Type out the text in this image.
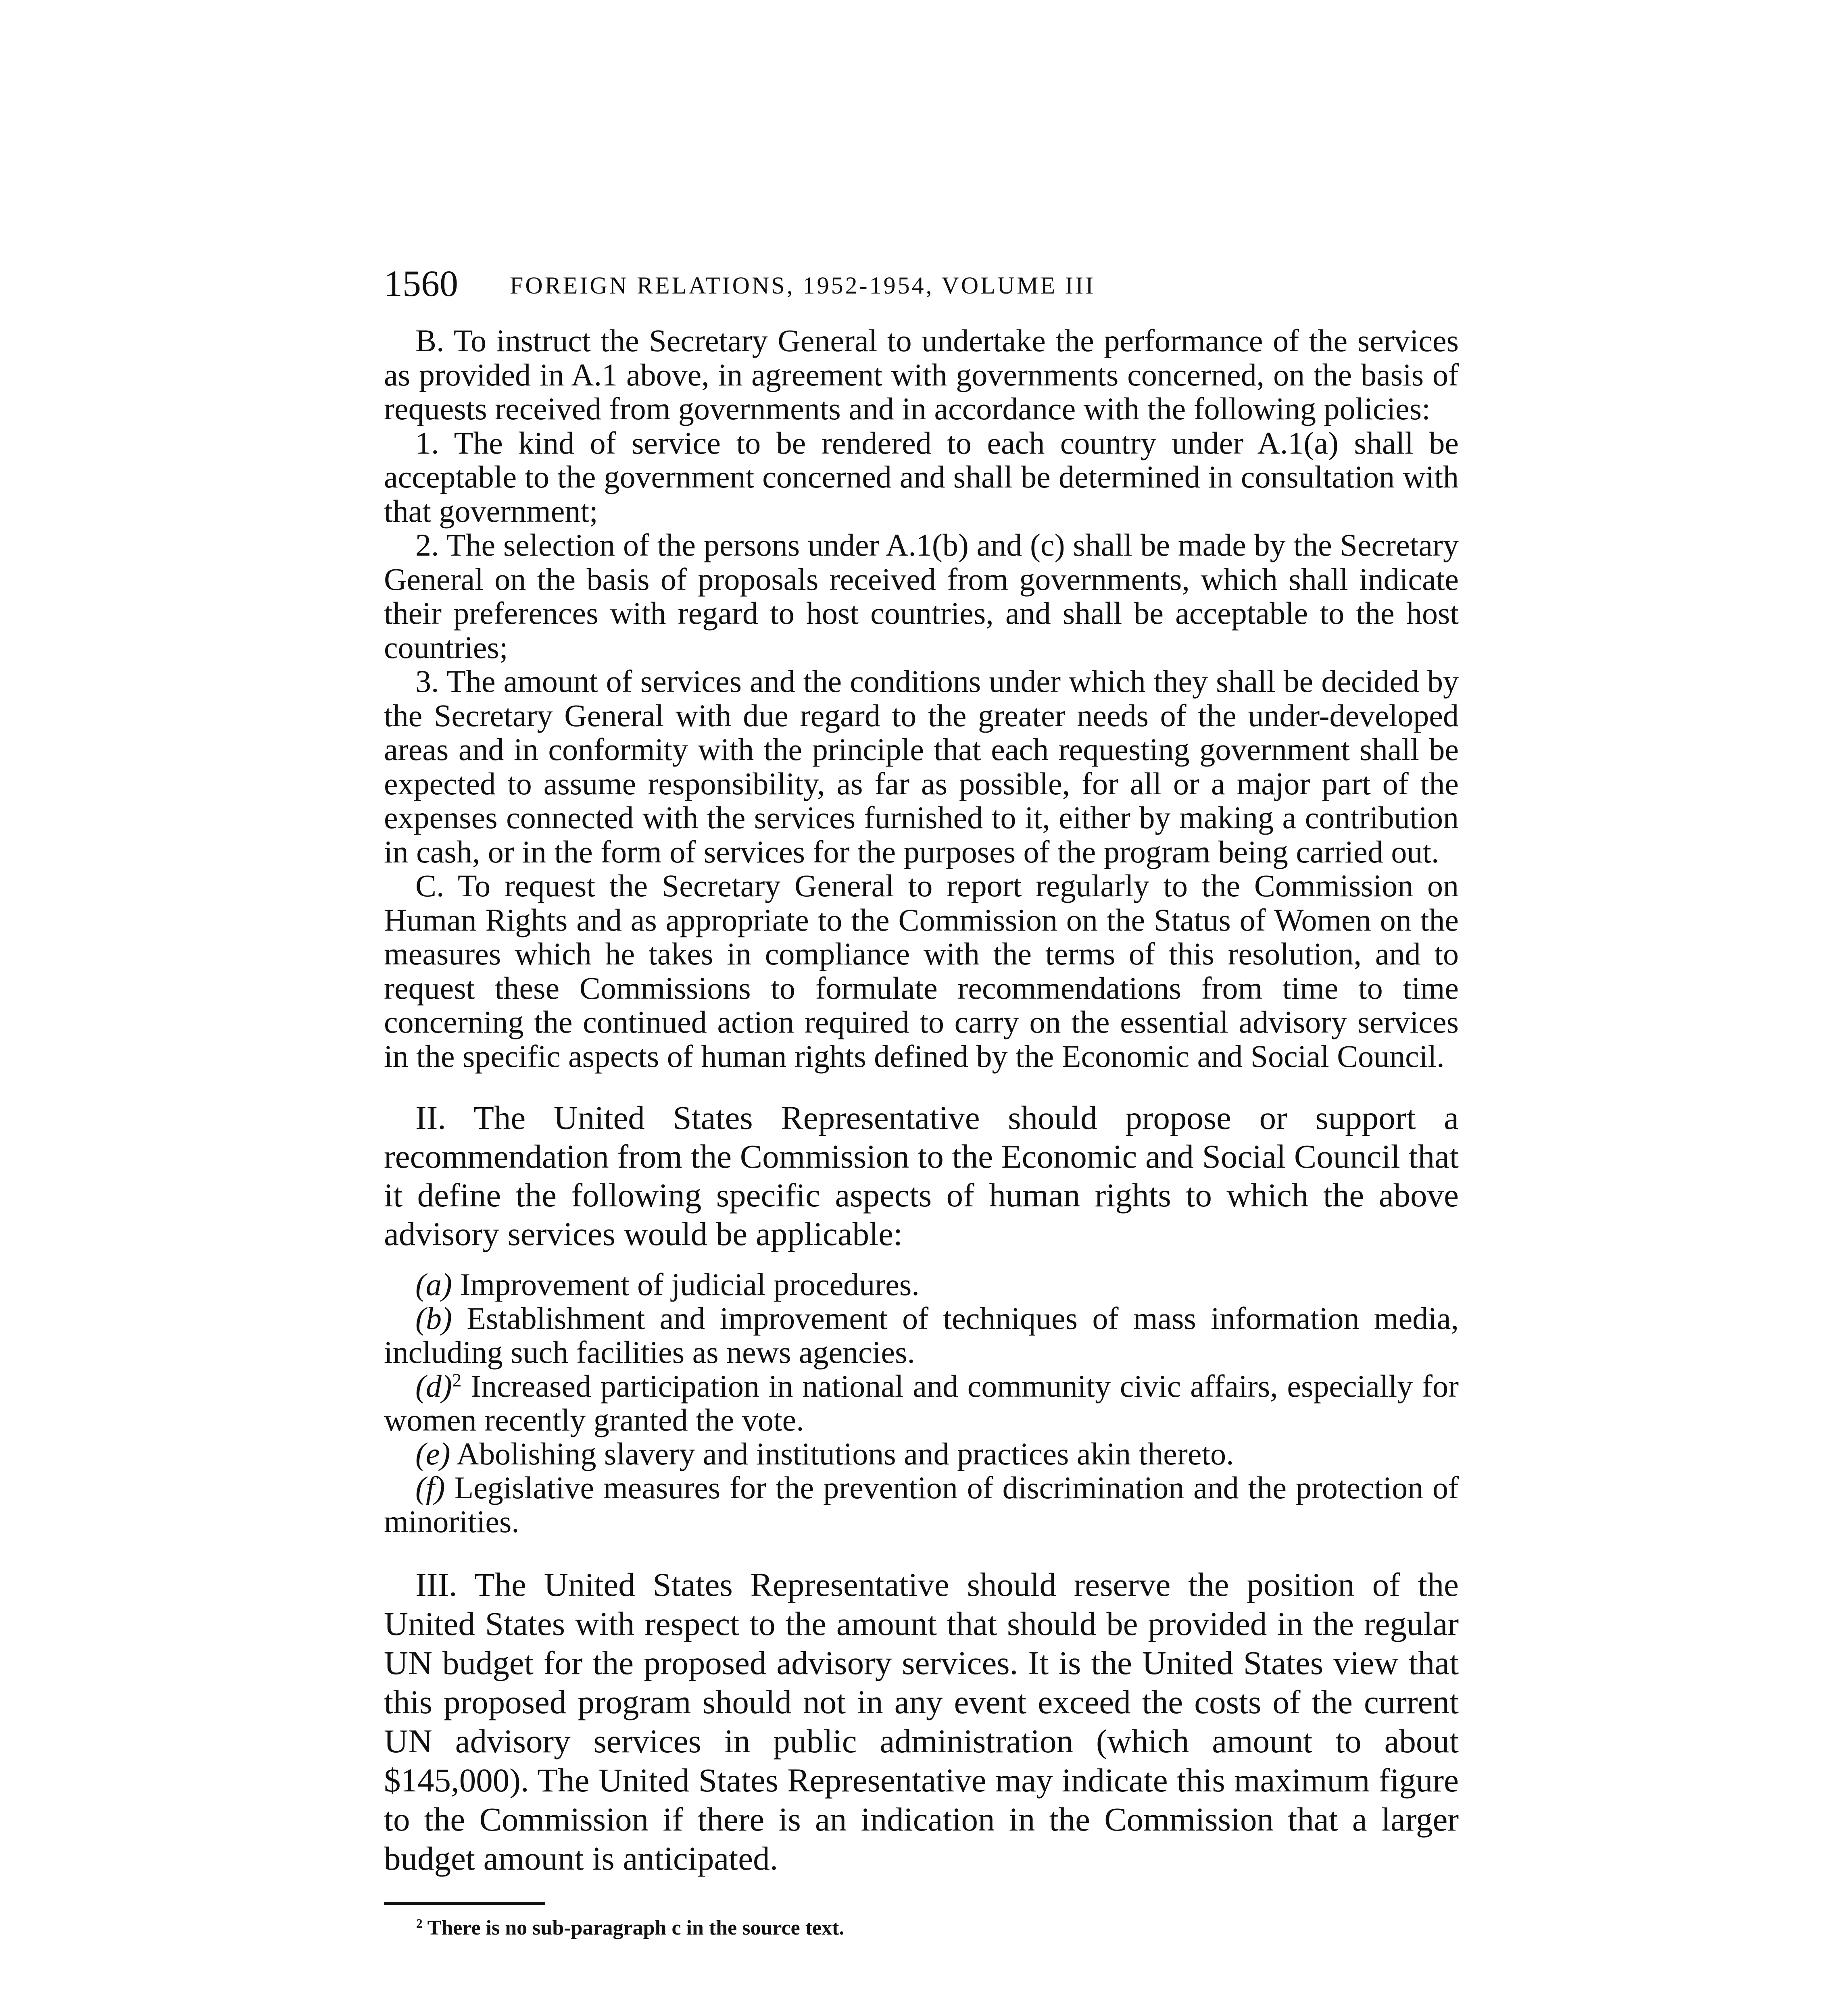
1560 FOREIGN RELATIONS, 1952-1954, VOLUME III

B. To instruct the Secretary General to undertake the performance of the services as provided in A.1 above, in agreement with governments concerned, on the basis of requests received from governments and in accordance with the following policies:

1. The kind of service to be rendered to each country under A.1(a) shall be acceptable to the government concerned and shall be determined in consultation with that government;

2. The selection of the persons under A.1(b) and (c) shall be made by the Secretary General on the basis of proposals received from governments, which shall indicate their preferences with regard to host countries, and shall be acceptable to the host countries;

3. The amount of services and the conditions under which they shall be decided by the Secretary General with due regard to the greater needs of the under-developed areas and in conformity with the principle that each requesting government shall be expected to assume responsibility, as far as possible, for all or a major part of the expenses connected with the services furnished to it, either by making a contribution in cash, or in the form of services for the purposes of the program being carried out.

C. To request the Secretary General to report regularly to the Commission on Human Rights and as appropriate to the Commission on the Status of Women on the measures which he takes in compliance with the terms of this resolution, and to request these Commissions to formulate recommendations from time to time concerning the continued action required to carry on the essential advisory services in the specific aspects of human rights defined by the Economic and Social Council.

II. The United States Representative should propose or support a recommendation from the Commission to the Economic and Social Council that it define the following specific aspects of human rights to which the above advisory services would be applicable:

(a) Improvement of judicial procedures.

(b) Establishment and improvement of techniques of mass information media, including such facilities as news agencies.

$(d)^2$ Increased participation in national and community civic affairs, especially for women recently granted the vote.

(e) Abolishing slavery and institutions and practices akin thereto.

(f) Legislative measures for the prevention of discrimination and the protection of minorities.

III. The United States Representative should reserve the position of the United States with respect to the amount that should be provided in the regular UN budget for the proposed advisory services. It is the United States view that this proposed program should not in any event exceed the costs of the current UN advisory services in public administration (which amount to about $145,000). The United States Representative may indicate this maximum figure to the Commission if there is an indication in the Commission that a larger budget amount is anticipated.

$^2$ There is no sub-paragraph c in the source text.
